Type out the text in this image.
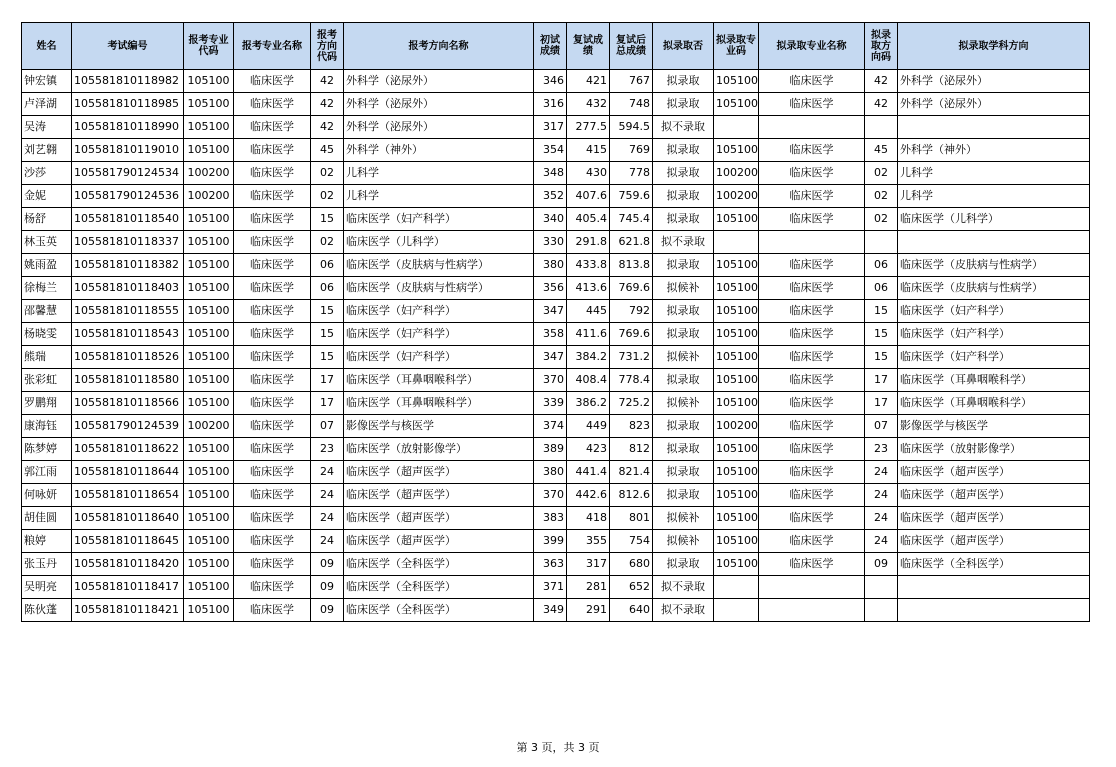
姓名	考试编号	报考专业代码	报考专业名称	报考方向代码	报考方向名称	初试成绩	复试成绩	复试后总成绩	拟录取否	拟录取专业码	拟录取专业名称	拟录取方向码	拟录取学科方向
钟宏镇	105581810118982	105100	临床医学	42	外科学（泌尿外）	346	421	767	拟录取	105100	临床医学	42	外科学（泌尿外）
卢泽湖	105581810118985	105100	临床医学	42	外科学（泌尿外）	316	432	748	拟录取	105100	临床医学	42	外科学（泌尿外）
吴涛	105581810118990	105100	临床医学	42	外科学（泌尿外）	317	277.5	594.5	拟不录取				
刘艺翱	105581810119010	105100	临床医学	45	外科学（神外）	354	415	769	拟录取	105100	临床医学	45	外科学（神外）
沙莎	105581790124534	100200	临床医学	02	儿科学	348	430	778	拟录取	100200	临床医学	02	儿科学
金妮	105581790124536	100200	临床医学	02	儿科学	352	407.6	759.6	拟录取	100200	临床医学	02	儿科学
杨舒	105581810118540	105100	临床医学	15	临床医学（妇产科学）	340	405.4	745.4	拟录取	105100	临床医学	02	临床医学（儿科学）
林玉英	105581810118337	105100	临床医学	02	临床医学（儿科学）	330	291.8	621.8	拟不录取				
姚雨盈	105581810118382	105100	临床医学	06	临床医学（皮肤病与性病学）	380	433.8	813.8	拟录取	105100	临床医学	06	临床医学（皮肤病与性病学）
徐梅兰	105581810118403	105100	临床医学	06	临床医学（皮肤病与性病学）	356	413.6	769.6	拟候补	105100	临床医学	06	临床医学（皮肤病与性病学）
邵馨慧	105581810118555	105100	临床医学	15	临床医学（妇产科学）	347	445	792	拟录取	105100	临床医学	15	临床医学（妇产科学）
杨晓雯	105581810118543	105100	临床医学	15	临床医学（妇产科学）	358	411.6	769.6	拟录取	105100	临床医学	15	临床医学（妇产科学）
熊瑞	105581810118526	105100	临床医学	15	临床医学（妇产科学）	347	384.2	731.2	拟候补	105100	临床医学	15	临床医学（妇产科学）
张彩虹	105581810118580	105100	临床医学	17	临床医学（耳鼻咽喉科学）	370	408.4	778.4	拟录取	105100	临床医学	17	临床医学（耳鼻咽喉科学）
罗鹏翔	105581810118566	105100	临床医学	17	临床医学（耳鼻咽喉科学）	339	386.2	725.2	拟候补	105100	临床医学	17	临床医学（耳鼻咽喉科学）
康海钰	105581790124539	100200	临床医学	07	影像医学与核医学	374	449	823	拟录取	100200	临床医学	07	影像医学与核医学
陈梦婷	105581810118622	105100	临床医学	23	临床医学（放射影像学）	389	423	812	拟录取	105100	临床医学	23	临床医学（放射影像学）
郭江雨	105581810118644	105100	临床医学	24	临床医学（超声医学）	380	441.4	821.4	拟录取	105100	临床医学	24	临床医学（超声医学）
何咏妍	105581810118654	105100	临床医学	24	临床医学（超声医学）	370	442.6	812.6	拟录取	105100	临床医学	24	临床医学（超声医学）
胡佳圆	105581810118640	105100	临床医学	24	临床医学（超声医学）	383	418	801	拟候补	105100	临床医学	24	临床医学（超声医学）
粮婷	105581810118645	105100	临床医学	24	临床医学（超声医学）	399	355	754	拟候补	105100	临床医学	24	临床医学（超声医学）
张玉丹	105581810118420	105100	临床医学	09	临床医学（全科医学）	363	317	680	拟录取	105100	临床医学	09	临床医学（全科医学）
吴明亮	105581810118417	105100	临床医学	09	临床医学（全科医学）	371	281	652	拟不录取				
陈伙蓬	105581810118421	105100	临床医学	09	临床医学（全科医学）	349	291	640	拟不录取				
第 3 页，共 3 页
